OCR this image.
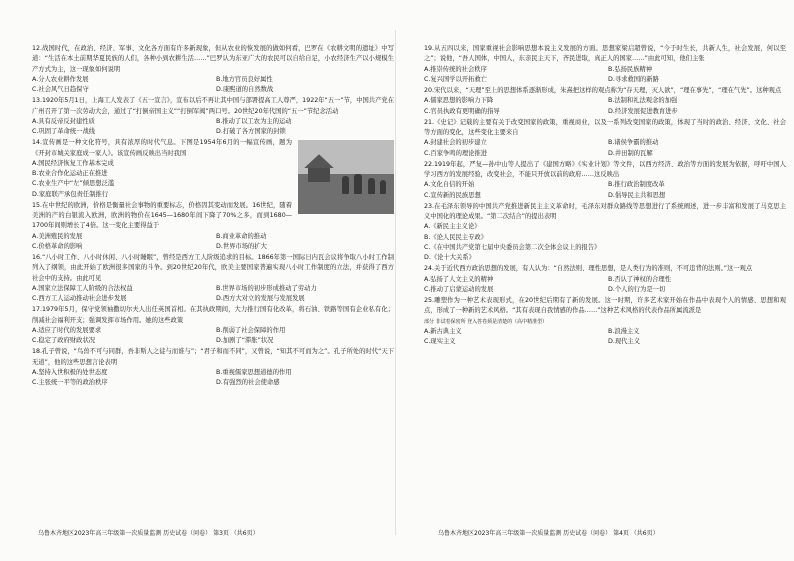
12.战国时代，在政治、经济、军事、文化各方面有许多新现象，但从农业的恢发展的做如何看，巴罗在《农耕文明的遗址》中写道：“生活在本土前期华夏民族的人们，各种小到农耕生活……”巴罗认为东亚广大的农民可以自给自足，小农经济生产以小规模生产方式为主，这一现象如何说明
A.分人农业耕作发展	B.地方官员良好属性
C.社会风气日趋保守	D.康熙道的自然数战
13.1920年5月1日，上海工人发表了《五一宣言》，宣布以后不再让其中国与部署提高工人尊严，1922年“五一”节，中国共产党在广州召开了第一次劳动大会，通过了“打倒帝国主义”“打倒军阀”两口号。20世纪20年代国的“五一”节纪念活动
A.具有反帝反封建性质	B.推动了以工农为主的运动
C.巩固了革命统一战线	D.打破了各方国家的封锁
14.宣传画是一种文化符号，具有浓厚的时代气息。下图是1954年6月的一幅宣传画，题为《开封市城关家庭成一家人》。该宣传画反映出当时我国
A.国民经济恢复工作基本完成
B.农业合作化运动正在推进
C.农业生产中“左”倾思想泛滥
D.家庭联产承包责任制推行
15.在中世纪的欧洲，价格是衡量社会事物的重要标志，价格因其变动而发展。16世纪，随着美洲的产的白银流入欧洲，欧洲的物价在1645—1680年间下降了70%之多，而到1680—1700年间则增长了4倍。这一变化主要得益于
A.美洲殖民的发展	B.商业革命的推动
C.价格革命的影响	D.世界市场的扩大
16.“八小时工作、八小时休闲、八小时睡眠”，曾经是西方工人阶级追求的目标。1866年第一国际日内瓦会议将争取八小时工作制列入了纲领，由此开始了欧洲很多国家的斗争。到20世纪20年代，欧美主要国家普遍实现八小时工作制度的立法，并获得了西方社会中的支持。由此可见
A.国家立法保障工人阶级的合法权益	B.世界市场的初步形成推动了劳动力
C.西方工人运动推动社会进步发展	D.西方大对立的发展与发展发展
17.1979年5月，保守党领袖撒切尔夫人出任英国首相。在其执政期间，大力推行国有化改革，将石油、铁路等国有企业私有化；削减社会福利开支；强调发挥市场作用。她的这些政策
A.适应了时代的发展要求	B.削弱了社会保障的作用
C.稳定了政府财政状况	D.加剧了“滞胀”状况
18.孔子曾说，“鸟兽不可与同群，吾非斯人之徒与而谁与”；“君子和而不同”，又曾说，“知其不可而为之”。孔子所处的时代“天下无道”，他的这些思想言论表明
A.坚持入世积极的处世态度	B.重视儒家思想道德的作用
C.主张统一平等的政治秩序	D.有强烈的社会使命感
19.从五四以来，国家重视社会影响思想本说主义发展的方面。思想家梁启超曾说，“今于时生长，共新人生，社会发展，何以至之”；说他，“吾人国体，中国人，东亲民主天下，齐民进取，真正人的国家……”由此可知，他们主张
A.推崇传统的社会秩序	B.弘扬民族精神
C.复兴国学以开拓救亡	D.寻求救国的新路
20.宋代以来，“天理”至上的思想体系逐渐形成，朱熹把这样的观点称为“存天理，灭人欲”，“理在事先”，“理在气先”。这种观点
A.儒家思想的影响力下降	B.法制和礼法观念的加强
C.官员执政有更明确的指导	D.经济发展促进教育进步
21.《史记》记载的主要有关于改变国家的政策，重视商业，以及一系列改变国家的政策，体现了当时的政治、经济、文化、社会等方面的变化，这些变化主要来自
A.封建社会的初步建立	B.诸侯争霸的推动
C.百家争鸣的理论推进	D.井田制的瓦解
22.1919年起，严复—孙中山等人提出了《建国方略》《实业计划》等文件，以西方经济、政治等方面的发展为依据，呼吁中国人学习西方的发展经验，改变社会，不能只开放以前的政府……这反映出
A.文化自信的开始	B.推行政治制度改革
C.宣传新的民族思想	D.倡导民主共和思想
23.在毛泽东领导的中国共产党推进新民主主义革命时，毛泽东对群众路线等思想进行了系统阐述，进一步丰富和发展了马克思主义中国化的理论成果。“第二次结合”的提出表明
A.《新民主主义论》
B.《论人民民主专政》
C.《在中国共产党第七届中央委员会第二次全体会议上的报告》
D.《论十大关系》
24.关于近代西方政治思想的发展，有人认为：“自然法则、理性思想，是人类行为的准则，不可违背的法则。”这一观点
A.弘扬了人文主义的精神	B.否认了神权的合理性
C.推动了启蒙运动的发展	D.个人的行为是一切
25.雕塑作为一种艺术表现形式，在20世纪后期有了新的发展。这一时期，许多艺术家开始在作品中表现个人的情感、思想和观点，形成了一种新的艺术风格。“其有表现自我情感的作品……”这种艺术风格的代表作品所属流派是
部分 非试卷保密所 登入答卷须是清楚的（高中精准型）
A.新古典主义	B.浪漫主义
C.现实主义	D.现代主义
乌鲁木齐地区2023年高三年级第一次质量监测 历史试卷（问卷） 第3页 （共6页）	乌鲁木齐地区2023年高三年级第一次质量监测 历史试卷（问卷） 第4页 （共6页）
